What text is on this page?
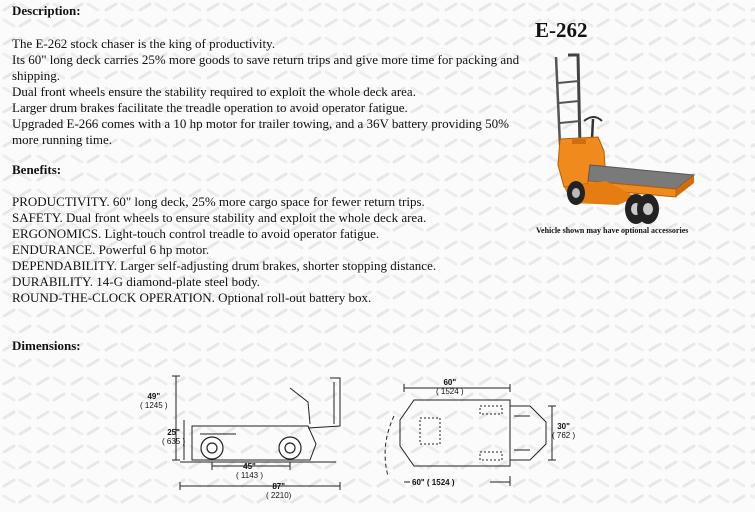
Description:

The E-262 stock chaser is the king of productivity.
Its 60" long deck carries 25% more goods to save return trips and give more time for packing and
shipping.
Dual front wheels ensure the stability required to exploit the whole deck area.
Larger drum brakes facilitate the treadle operation to avoid operator fatigue.
Upgraded E-266 comes with a 10 hp motor for trailer towing, and a 36V battery providing 50%
more running time.

Benefits:

PRODUCTIVITY. 60" long deck, 25% more cargo space for fewer return trips.
SAFETY. Dual front wheels to ensure stability and exploit the whole deck area.
ERGONOMICS. Light-touch control treadle to avoid operator fatigue.
ENDURANCE. Powerful 6 hp motor.
DEPENDABILITY. Larger self-adjusting drum brakes, shorter stopping distance.
DURABILITY. 14-G diamond-plate steel body.
ROUND-THE-CLOCK OPERATION. Optional roll-out battery box.

Dimensions:
E-262
Vehicle shown may have optional accessories
49"
( 1245 )
25"
( 635 )
45"
( 1143 )
87"
( 2210)
60"
( 1524 )
30"
( 762 )
60" ( 1524 )
